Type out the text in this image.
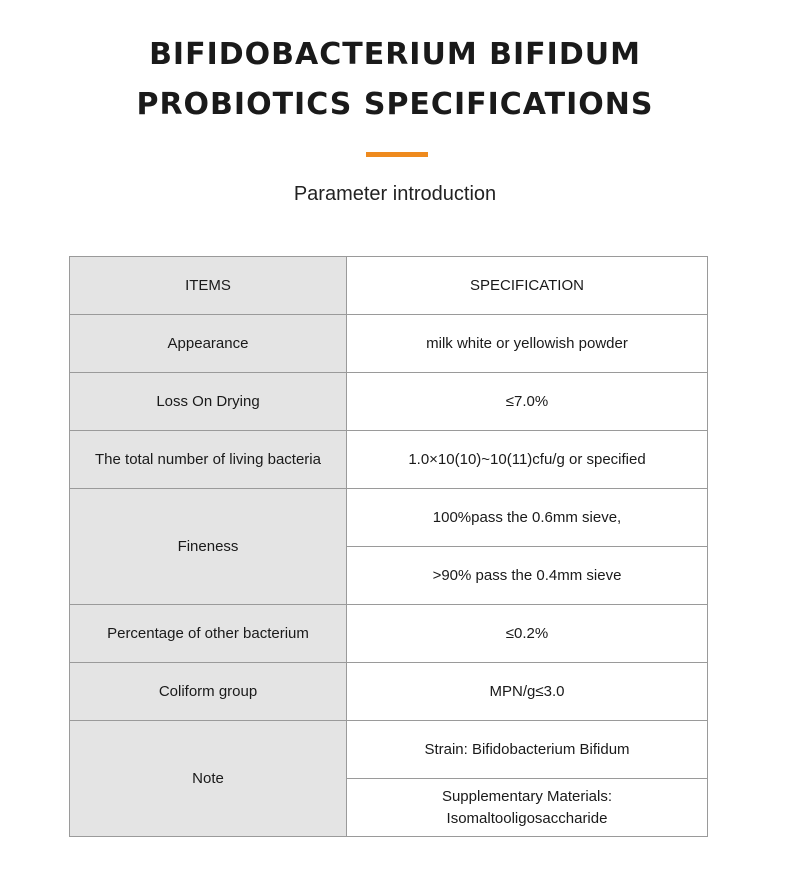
BIFIDOBACTERIUM BIFIDUM
PROBIOTICS SPECIFICATIONS

Parameter introduction

ITEMS	SPECIFICATION
Appearance	milk white or yellowish powder
Loss On Drying	≤7.0%
The total number of living bacteria	1.0×10(10)~10(11)cfu/g or specified
Fineness	100%pass the 0.6mm sieve,
	>90% pass the 0.4mm sieve
Percentage of other bacterium	≤0.2%
Coliform group	MPN/g≤3.0
Note	Strain: Bifidobacterium Bifidum

	Supplementary Materials:
Isomaltooligosaccharide
